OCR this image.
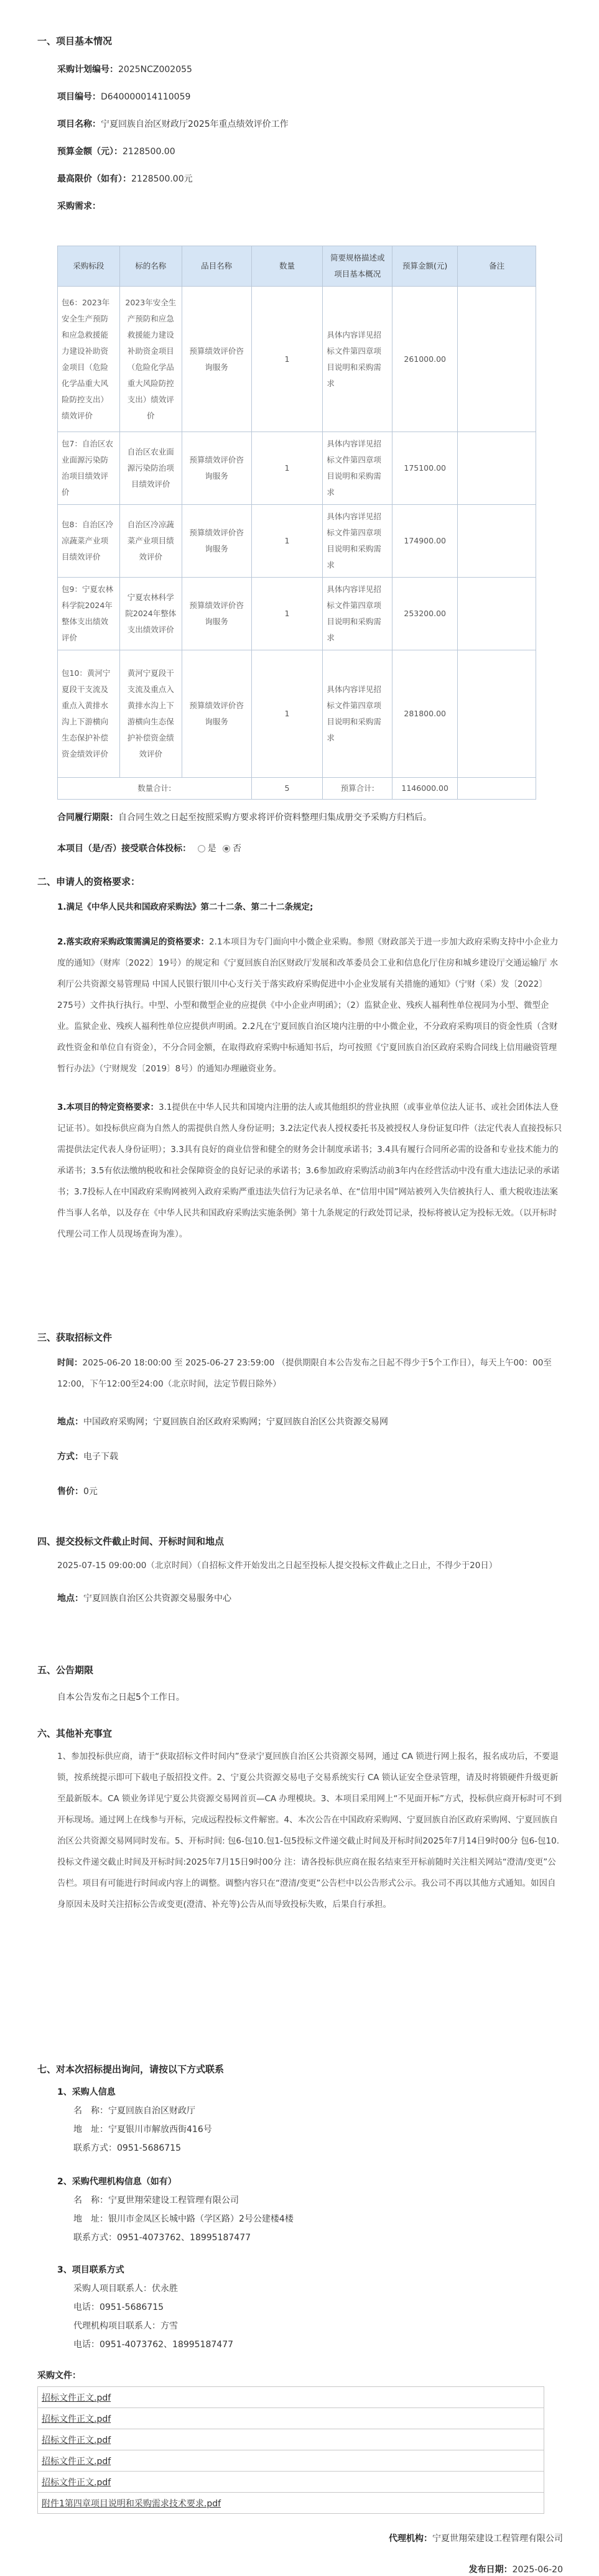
一、项目基本情况
采购计划编号：2025NCZ002055
项目编号：D640000014110059
项目名称：宁夏回族自治区财政厅2025年重点绩效评价工作
预算金额（元）：2128500.00
最高限价（如有）：2128500.00元
采购需求：
采购标段	标的名称	品目名称	数量	简要规格描述或项目基本概况	预算金额(元)	备注
包6：2023年安全生产预防和应急救援能力建设补助资金项目（危险化学品重大风险防控支出）绩效评价	2023年安全生产预防和应急救援能力建设补助资金项目（危险化学品重大风险防控支出）绩效评价	预算绩效评价咨询服务	1	具体内容详见招标文件第四章项目说明和采购需求	261000.00	
包7：自治区农业面源污染防治项目绩效评价	自治区农业面源污染防治项目绩效评价	预算绩效评价咨询服务	1	具体内容详见招标文件第四章项目说明和采购需求	175100.00	
包8：自治区冷凉蔬菜产业项目绩效评价	自治区冷凉蔬菜产业项目绩效评价	预算绩效评价咨询服务	1	具体内容详见招标文件第四章项目说明和采购需求	174900.00	
包9：宁夏农林科学院2024年整体支出绩效评价	宁夏农林科学院2024年整体支出绩效评价	预算绩效评价咨询服务	1	具体内容详见招标文件第四章项目说明和采购需求	253200.00	
包10：黄河宁夏段干支流及重点入黄排水沟上下游横向生态保护补偿资金绩效评价	黄河宁夏段干支流及重点入黄排水沟上下游横向生态保护补偿资金绩效评价	预算绩效评价咨询服务	1	具体内容详见招标文件第四章项目说明和采购需求	281800.00	
数量合计:			5	预算合计:	1146000.00	
合同履行期限：自合同生效之日起至按照采购方要求将评价资料整理归集成册交予采购方归档后。
本项目（是/否）接受联合体投标： 是 否
二、申请人的资格要求：
1.满足《中华人民共和国政府采购法》第二十二条、第二十二条规定;
2.落实政府采购政策需满足的资格要求：2.1本项目为专门面向中小微企业采购。参照《财政部关于进一步加大政府采购支持中小企业力度的通知》（财库〔2022〕19号）的规定和《宁夏回族自治区财政厅发展和改革委员会工业和信息化厅住房和城乡建设厅交通运输厅 水利厅公共资源交易管理局 中国人民银行银川中心支行关于落实政府采购促进中小企业发展有关措施的通知》（宁财（采）发〔2022〕275号）文件执行执行。中型、小型和微型企业的应提供《中小企业声明函》；（2）监狱企业、残疾人福利性单位视同为小型、微型企业。监狱企业、残疾人福利性单位应提供声明函。2.2凡在宁夏回族自治区境内注册的中小微企业，不分政府采购项目的资金性质（含财政性资金和单位自有资金），不分合同金额，在取得政府采购中标通知书后，均可按照《宁夏回族自治区政府采购合同线上信用融资管理暂行办法》（宁财规发〔2019〕8号）的通知办理融资业务。
3.本项目的特定资格要求：3.1提供在中华人民共和国境内注册的法人或其他组织的营业执照（或事业单位法人证书、或社会团体法人登记证书）。如投标供应商为自然人的需提供自然人身份证明；3.2法定代表人授权委托书及被授权人身份证复印件（法定代表人直接投标只需提供法定代表人身份证明）；3.3具有良好的商业信誉和健全的财务会计制度承诺书；3.4具有履行合同所必需的设备和专业技术能力的承诺书；3.5有依法缴纳税收和社会保障资金的良好记录的承诺书；3.6参加政府采购活动前3年内在经营活动中没有重大违法记录的承诺书；3.7投标人在中国政府采购网被列入政府采购严重违法失信行为记录名单、在“信用中国”网站被列入失信被执行人、重大税收违法案件当事人名单，以及存在《中华人民共和国政府采购法实施条例》第十九条规定的行政处罚记录，投标将被认定为投标无效。（以开标时代理公司工作人员现场查询为准）。
三、获取招标文件
时间：2025-06-20 18:00:00 至 2025-06-27 23:59:00 （提供期限自本公告发布之日起不得少于5个工作日），每天上午00：00至12:00，下午12:00至24:00（北京时间，法定节假日除外）
地点：中国政府采购网；宁夏回族自治区政府采购网；宁夏回族自治区公共资源交易网
方式：电子下载
售价：0元
四、提交投标文件截止时间、开标时间和地点
2025-07-15 09:00:00（北京时间）（自招标文件开始发出之日起至投标人提交投标文件截止之日止，不得少于20日）
地点：宁夏回族自治区公共资源交易服务中心
五、公告期限
自本公告发布之日起5个工作日。
六、其他补充事宜
1、参加投标供应商，请于“获取招标文件时间内”登录宁夏回族自治区公共资源交易网，通过 CA 锁进行网上报名，报名成功后，不要退锁，按系统提示即可下载电子版招投文件。2、宁夏公共资源交易电子交易系统实行 CA 锁认证安全登录管理，请及时将锁硬件升级更新至最新版本。CA 锁业务详见宁夏公共资源交易网首页—CA 办理模块。3、本项目采用网上“不见面开标”方式，投标供应商开标时可不到开标现场。通过网上在线参与开标，完成远程投标文件解密。4、本次公告在中国政府采购网、宁夏回族自治区政府采购网、宁夏回族自治区公共资源交易网同时发布。5、开标时间: 包6-包10.包1-包5投标文件递交截止时间及开标时间2025年7月14日9时00分 包6-包10.投标文件递交截止时间及开标时间:2025年7月15日9时00分 注：请各投标供应商在报名结束至开标前随时关注相关网站“澄清/变更”公告栏。项目有可能进行时间或内容上的调整。调整内容只在“澄清/变更”公告栏中以公告形式公示。我公司不再以其他方式通知。如因自身原因未及时关注招标公告或变更(澄清、补充等)公告从而导致投标失败，后果自行承担。
七、对本次招标提出询问，请按以下方式联系
1、采购人信息
名　称：宁夏回族自治区财政厅
地　址：宁夏银川市解放西街416号
联系方式：0951-5686715
2、采购代理机构信息（如有）
名　称：宁夏世翔荣建设工程管理有限公司
地　址：银川市金凤区长城中路（学区路）2号公建楼4楼
联系方式：0951-4073762、18995187477
3、项目联系方式
采购人项目联系人：伏永胜
电话：0951-5686715
代理机构项目联系人：方雪
电话：0951-4073762、18995187477
采购文件：
招标文件正文.pdf
招标文件正文.pdf
招标文件正文.pdf
招标文件正文.pdf
招标文件正文.pdf
附件1第四章项目说明和采购需求技术要求.pdf
代理机构：宁夏世翔荣建设工程管理有限公司
发布日期：2025-06-20
